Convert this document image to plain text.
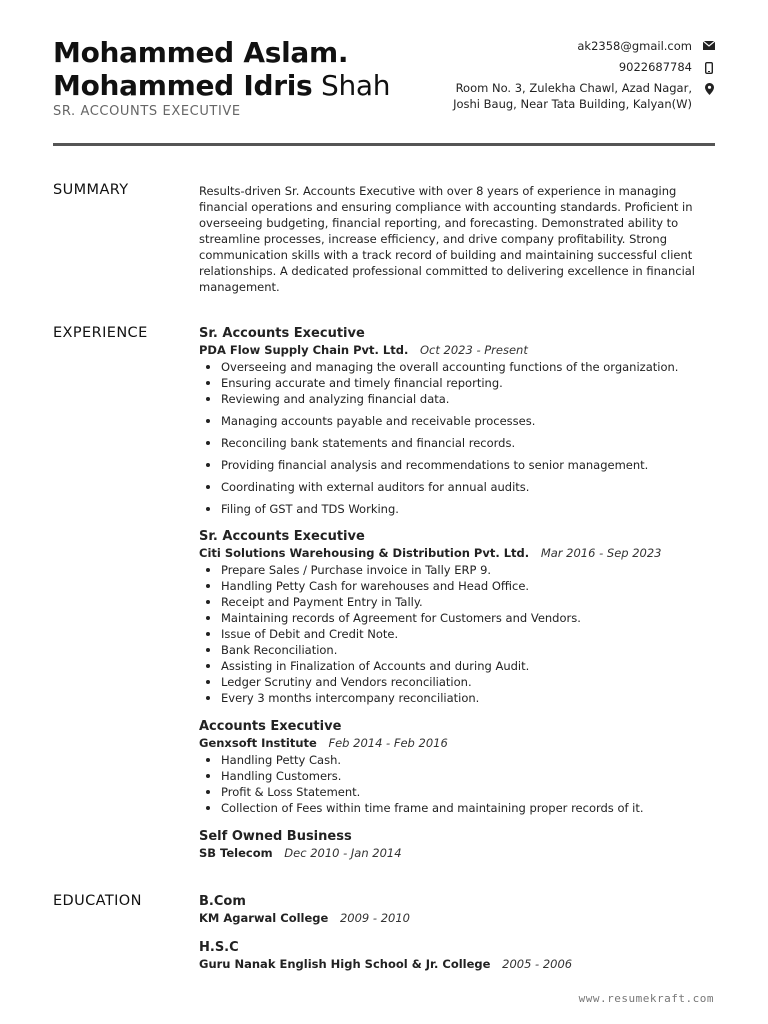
Mohammed Aslam.
Mohammed Idris Shah
SR. ACCOUNTS EXECUTIVE
ak2358@gmail.com
9022687784
Room No. 3, Zulekha Chawl, Azad Nagar,
Joshi Baug, Near Tata Building, Kalyan(W)
SUMMARY	Results-driven Sr. Accounts Executive with over 8 years of experience in managing financial operations and ensuring compliance with accounting standards. Proficient in overseeing budgeting, financial reporting, and forecasting. Demonstrated ability to streamline processes, increase efficiency, and drive company profitability. Strong communication skills with a track record of building and maintaining successful client relationships. A dedicated professional committed to delivering excellence in financial management.

EXPERIENCE	Sr. Accounts Executive
PDA Flow Supply Chain Pvt. Ltd. Oct 2023 - Present
Overseeing and managing the overall accounting functions of the organization.
Ensuring accurate and timely financial reporting.
Reviewing and analyzing financial data.
Managing accounts payable and receivable processes.
Reconciling bank statements and financial records.
Providing financial analysis and recommendations to senior management.
Coordinating with external auditors for annual audits.
Filing of GST and TDS Working.
Sr. Accounts Executive
Citi Solutions Warehousing & Distribution Pvt. Ltd. Mar 2016 - Sep 2023
Prepare Sales / Purchase invoice in Tally ERP 9.
Handling Petty Cash for warehouses and Head Office.
Receipt and Payment Entry in Tally.
Maintaining records of Agreement for Customers and Vendors.
Issue of Debit and Credit Note.
Bank Reconciliation.
Assisting in Finalization of Accounts and during Audit.
Ledger Scrutiny and Vendors reconciliation.
Every 3 months intercompany reconciliation.
Accounts Executive
Genxsoft Institute Feb 2014 - Feb 2016
Handling Petty Cash.
Handling Customers.
Profit & Loss Statement.
Collection of Fees within time frame and maintaining proper records of it.
Self Owned Business
SB Telecom Dec 2010 - Jan 2014
EDUCATION	B.Com
KM Agarwal College 2009 - 2010
H.S.C
Guru Nanak English High School & Jr. College 2005 - 2006
www.resumekraft.com
